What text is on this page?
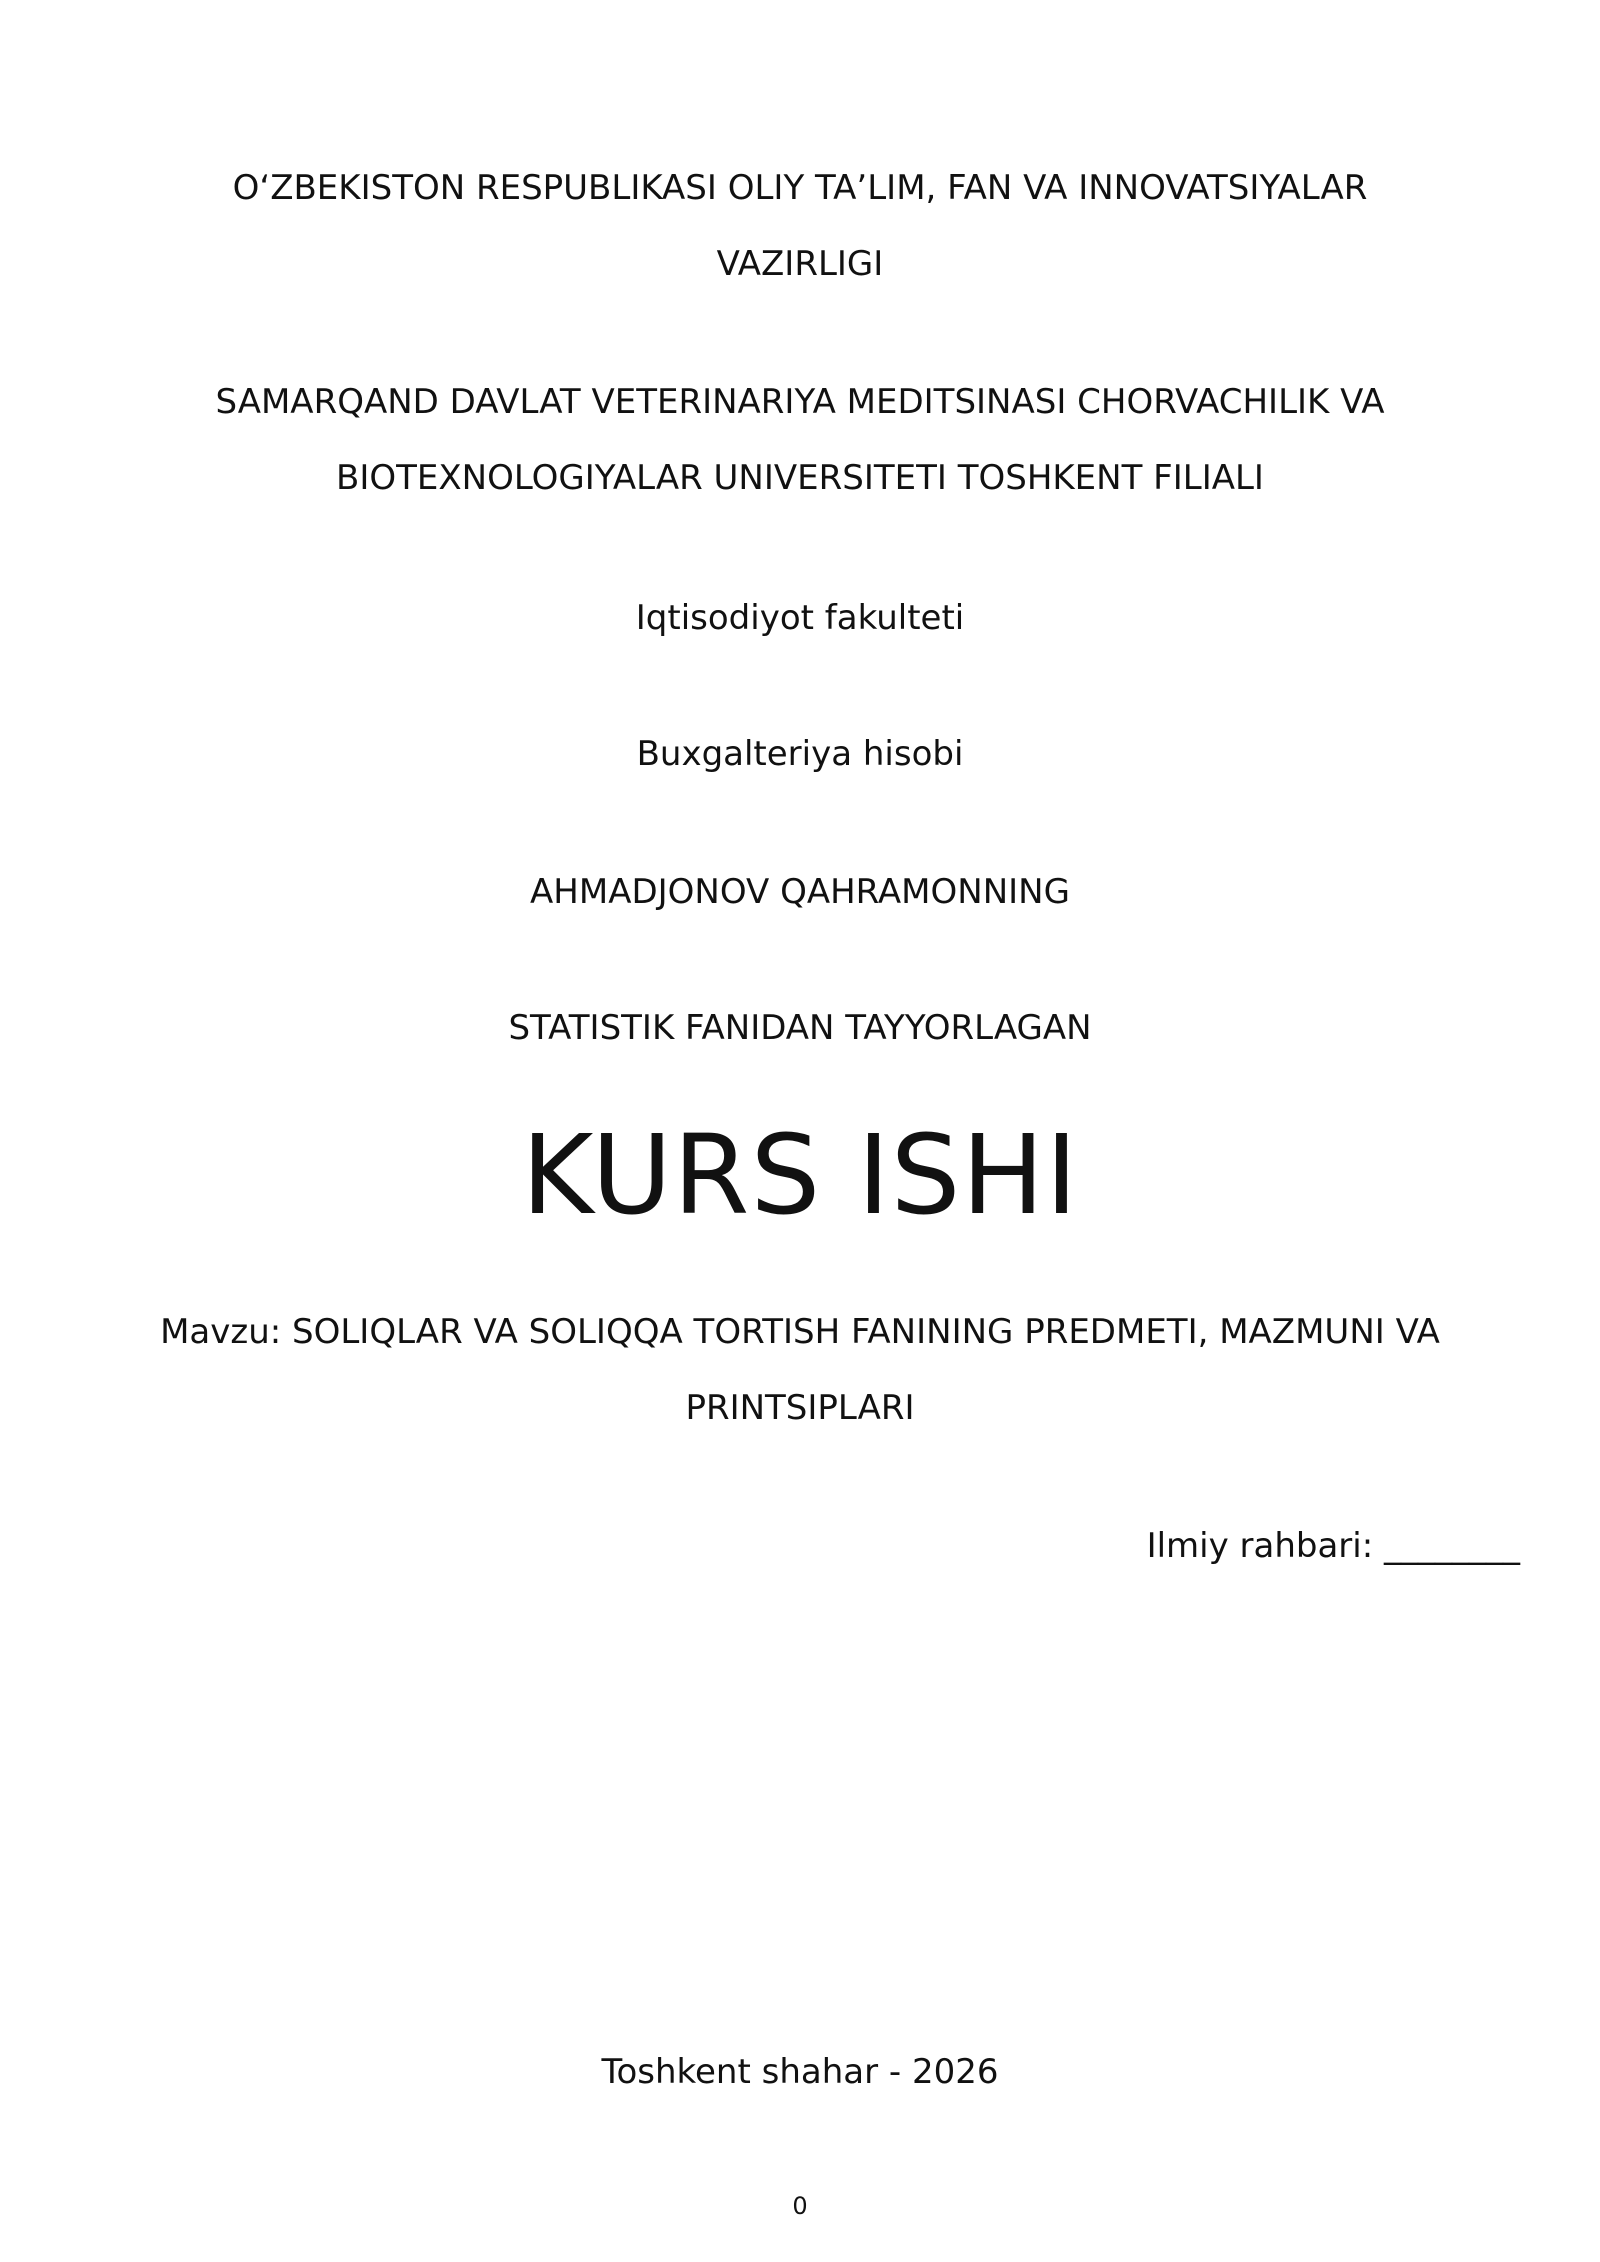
O‘ZBEKISTON RESPUBLIKASI OLIY TA’LIM, FAN VA INNOVATSIYALAR
VAZIRLIGI
SAMARQAND DAVLAT VETERINARIYA MEDITSINASI CHORVACHILIK VA
BIOTEXNOLOGIYALAR UNIVERSITETI TOSHKENT FILIALI
Iqtisodiyot fakulteti
Buxgalteriya hisobi
AHMADJONOV QAHRAMONNING
STATISTIK FANIDAN TAYYORLAGAN
KURS ISHI
Mavzu: SOLIQLAR VA SOLIQQA TORTISH FANINING PREDMETI, MAZMUNI VA
PRINTSIPLARI
Ilmiy rahbari: ________
Toshkent shahar - 2026
0
